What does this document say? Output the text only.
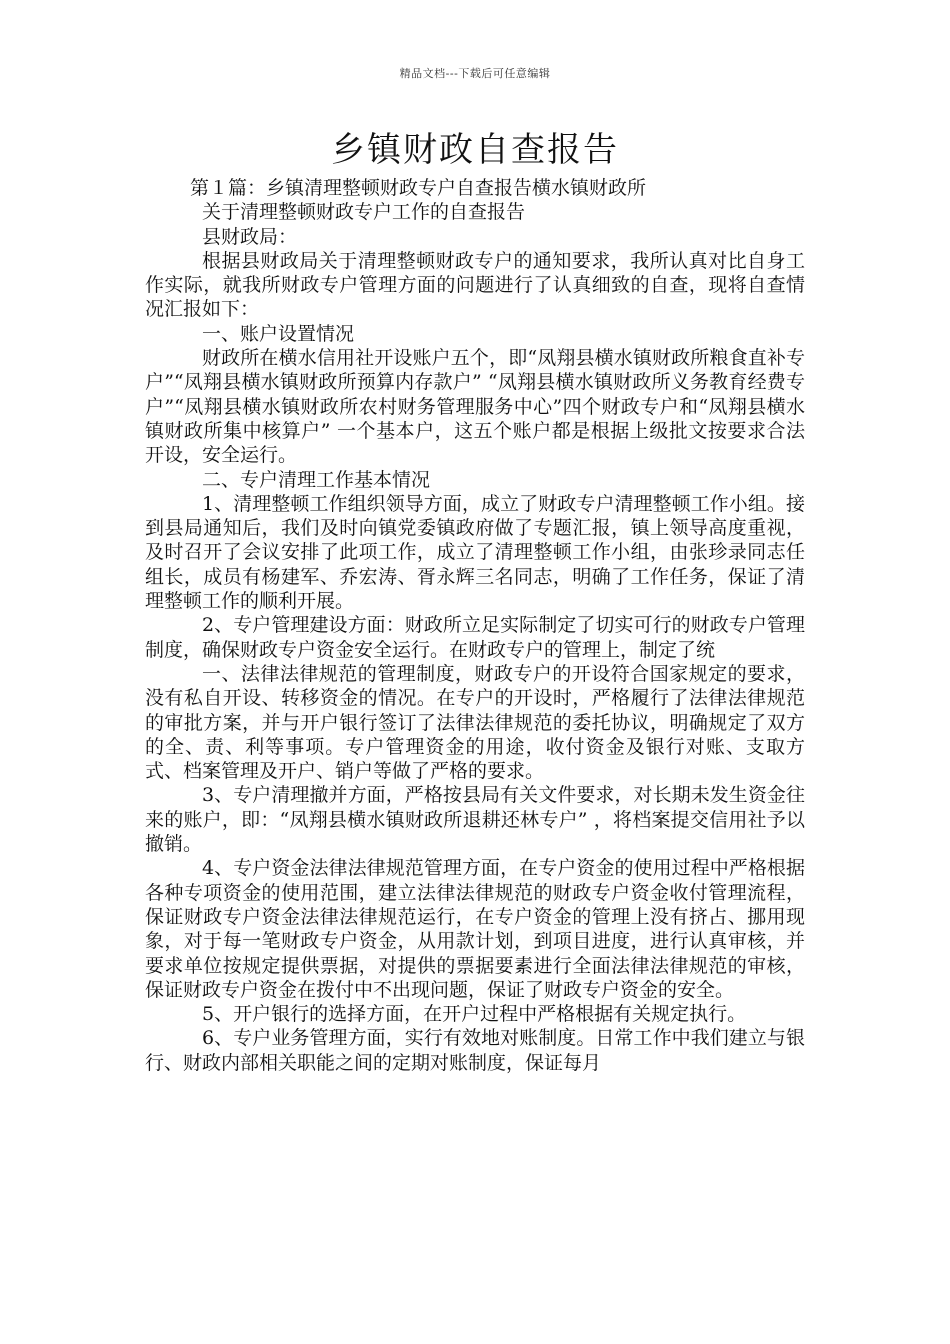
精品文档---下载后可任意编辑
乡镇财政自查报告

第１篇：乡镇清理整顿财政专户自查报告横水镇财政所

关于清理整顿财政专户工作的自查报告

县财政局：

根据县财政局关于清理整顿财政专户的通知要求，我所认真对比自身工作实际，就我所财政专户管理方面的问题进行了认真细致的自查，现将自查情况汇报如下：

一、账户设置情况

财政所在横水信用社开设账户五个，即“凤翔县横水镇财政所粮食直补专户”“凤翔县横水镇财政所预算内存款户” “凤翔县横水镇财政所义务教育经费专户”“凤翔县横水镇财政所农村财务管理服务中心”四个财政专户和“凤翔县横水镇财政所集中核算户” 一个基本户，这五个账户都是根据上级批文按要求合法开设，安全运行。

二、专户清理工作基本情况

1、清理整顿工作组织领导方面，成立了财政专户清理整顿工作小组。接到县局通知后，我们及时向镇党委镇政府做了专题汇报，镇上领导高度重视，及时召开了会议安排了此项工作，成立了清理整顿工作小组，由张珍录同志任组长，成员有杨建军、乔宏涛、胥永辉三名同志，明确了工作任务，保证了清理整顿工作的顺利开展。

2、专户管理建设方面：财政所立足实际制定了切实可行的财政专户管理制度，确保财政专户资金安全运行。在财政专户的管理上，制定了统

一、法律法律规范的管理制度，财政专户的开设符合国家规定的要求，没有私自开设、转移资金的情况。在专户的开设时，严格履行了法律法律规范的审批方案，并与开户银行签订了法律法律规范的委托协议，明确规定了双方的全、责、利等事项。专户管理资金的用途，收付资金及银行对账、支取方式、档案管理及开户、销户等做了严格的要求。

3、专户清理撤并方面，严格按县局有关文件要求，对长期未发生资金往来的账户，即：“凤翔县横水镇财政所退耕还林专户” ，将档案提交信用社予以撤销。

4、专户资金法律法律规范管理方面，在专户资金的使用过程中严格根据各种专项资金的使用范围，建立法律法律规范的财政专户资金收付管理流程，保证财政专户资金法律法律规范运行，在专户资金的管理上没有挤占、挪用现象，对于每一笔财政专户资金，从用款计划，到项目进度，进行认真审核，并要求单位按规定提供票据，对提供的票据要素进行全面法律法律规范的审核，保证财政专户资金在拨付中不出现问题，保证了财政专户资金的安全。

5、开户银行的选择方面，在开户过程中严格根据有关规定执行。

6、专户业务管理方面，实行有效地对账制度。日常工作中我们建立与银行、财政内部相关职能之间的定期对账制度，保证每月
